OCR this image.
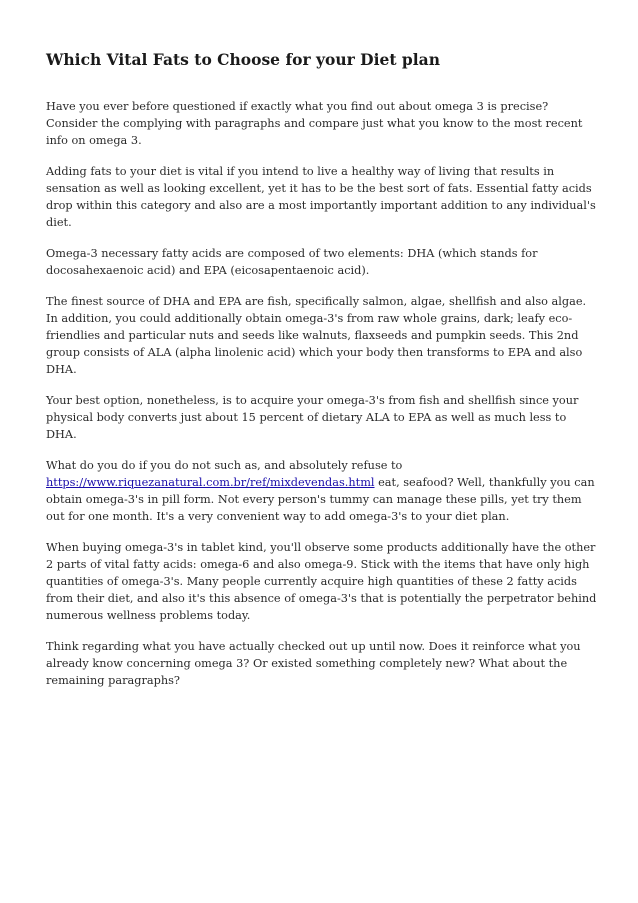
Which Vital Fats to Choose for your Diet plan

Have you ever before questioned if exactly what you find out about omega 3 is precise? Consider the complying with paragraphs and compare just what you know to the most recent info on omega 3.

Adding fats to your diet is vital if you intend to live a healthy way of living that results in sensation as well as looking excellent, yet it has to be the best sort of fats. Essential fatty acids drop within this category and also are a most importantly important addition to any individual's diet.

Omega-3 necessary fatty acids are composed of two elements: DHA (which stands for docosahexaenoic acid) and EPA (eicosapentaenoic acid).

The finest source of DHA and EPA are fish, specifically salmon, algae, shellfish and also algae. In addition, you could additionally obtain omega-3's from raw whole grains, dark; leafy eco-friendlies and particular nuts and seeds like walnuts, flaxseeds and pumpkin seeds. This 2nd group consists of ALA (alpha linolenic acid) which your body then transforms to EPA and also DHA.

Your best option, nonetheless, is to acquire your omega-3's from fish and shellfish since your physical body converts just about 15 percent of dietary ALA to EPA as well as much less to DHA.

What do you do if you do not such as, and absolutely refuse to https://www.riquezanatural.com.br/ref/mixdevendas.html eat, seafood? Well, thankfully you can obtain omega-3's in pill form. Not every person's tummy can manage these pills, yet try them out for one month. It's a very convenient way to add omega-3's to your diet plan.

When buying omega-3's in tablet kind, you'll observe some products additionally have the other 2 parts of vital fatty acids: omega-6 and also omega-9. Stick with the items that have only high quantities of omega-3's. Many people currently acquire high quantities of these 2 fatty acids from their diet, and also it's this absence of omega-3's that is potentially the perpetrator behind numerous wellness problems today.

Think regarding what you have actually checked out up until now. Does it reinforce what you already know concerning omega 3? Or existed something completely new? What about the remaining paragraphs?
